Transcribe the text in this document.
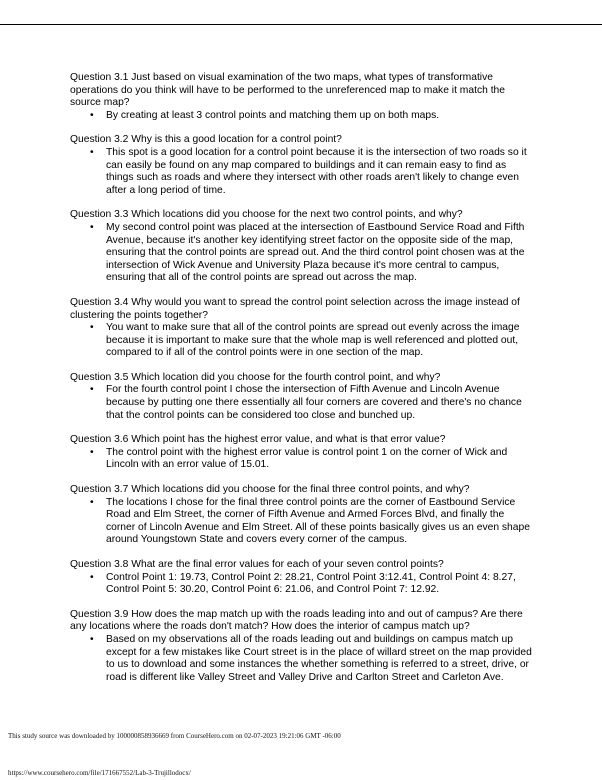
Question 3.1 Just based on visual examination of the two maps, what types of transformative operations do you think will have to be performed to the unreferenced map to make it match the source map?

• By creating at least 3 control points and matching them up on both maps.

Question 3.2 Why is this a good location for a control point?

• This spot is a good location for a control point because it is the intersection of two roads so it can easily be found on any map compared to buildings and it can remain easy to find as things such as roads and where they intersect with other roads aren't likely to change even after a long period of time.

Question 3.3 Which locations did you choose for the next two control points, and why?

• My second control point was placed at the intersection of Eastbound Service Road and Fifth Avenue, because it's another key identifying street factor on the opposite side of the map, ensuring that the control points are spread out. And the third control point chosen was at the intersection of Wick Avenue and University Plaza because it's more central to campus, ensuring that all of the control points are spread out across the map.

Question 3.4 Why would you want to spread the control point selection across the image instead of clustering the points together?

• You want to make sure that all of the control points are spread out evenly across the image because it is important to make sure that the whole map is well referenced and plotted out, compared to if all of the control points were in one section of the map.

Question 3.5 Which location did you choose for the fourth control point, and why?

• For the fourth control point I chose the intersection of Fifth Avenue and Lincoln Avenue because by putting one there essentially all four corners are covered and there's no chance that the control points can be considered too close and bunched up.

Question 3.6 Which point has the highest error value, and what is that error value?

• The control point with the highest error value is control point 1 on the corner of Wick and Lincoln with an error value of 15.01.

Question 3.7 Which locations did you choose for the final three control points, and why?

• The locations I chose for the final three control points are the corner of Eastbound Service Road and Elm Street, the corner of Fifth Avenue and Armed Forces Blvd, and finally the corner of Lincoln Avenue and Elm Street. All of these points basically gives us an even shape around Youngstown State and covers every corner of the campus.

Question 3.8 What are the final error values for each of your seven control points?

• Control Point 1: 19.73, Control Point 2: 28.21, Control Point 3:12.41, Control Point 4: 8.27, Control Point 5: 30.20, Control Point 6: 21.06, and Control Point 7: 12.92.

Question 3.9 How does the map match up with the roads leading into and out of campus? Are there any locations where the roads don't match? How does the interior of campus match up?

• Based on my observations all of the roads leading out and buildings on campus match up except for a few mistakes like Court street is in the place of willard street on the map provided to us to download and some instances the whether something is referred to a street, drive, or road is different like Valley Street and Valley Drive and Carlton Street and Carleton Ave.
This study source was downloaded by 100000858936669 from CourseHero.com on 02-07-2023 19:21:06 GMT -06:00
https://www.coursehero.com/file/171667552/Lab-3-Trujillodocx/
